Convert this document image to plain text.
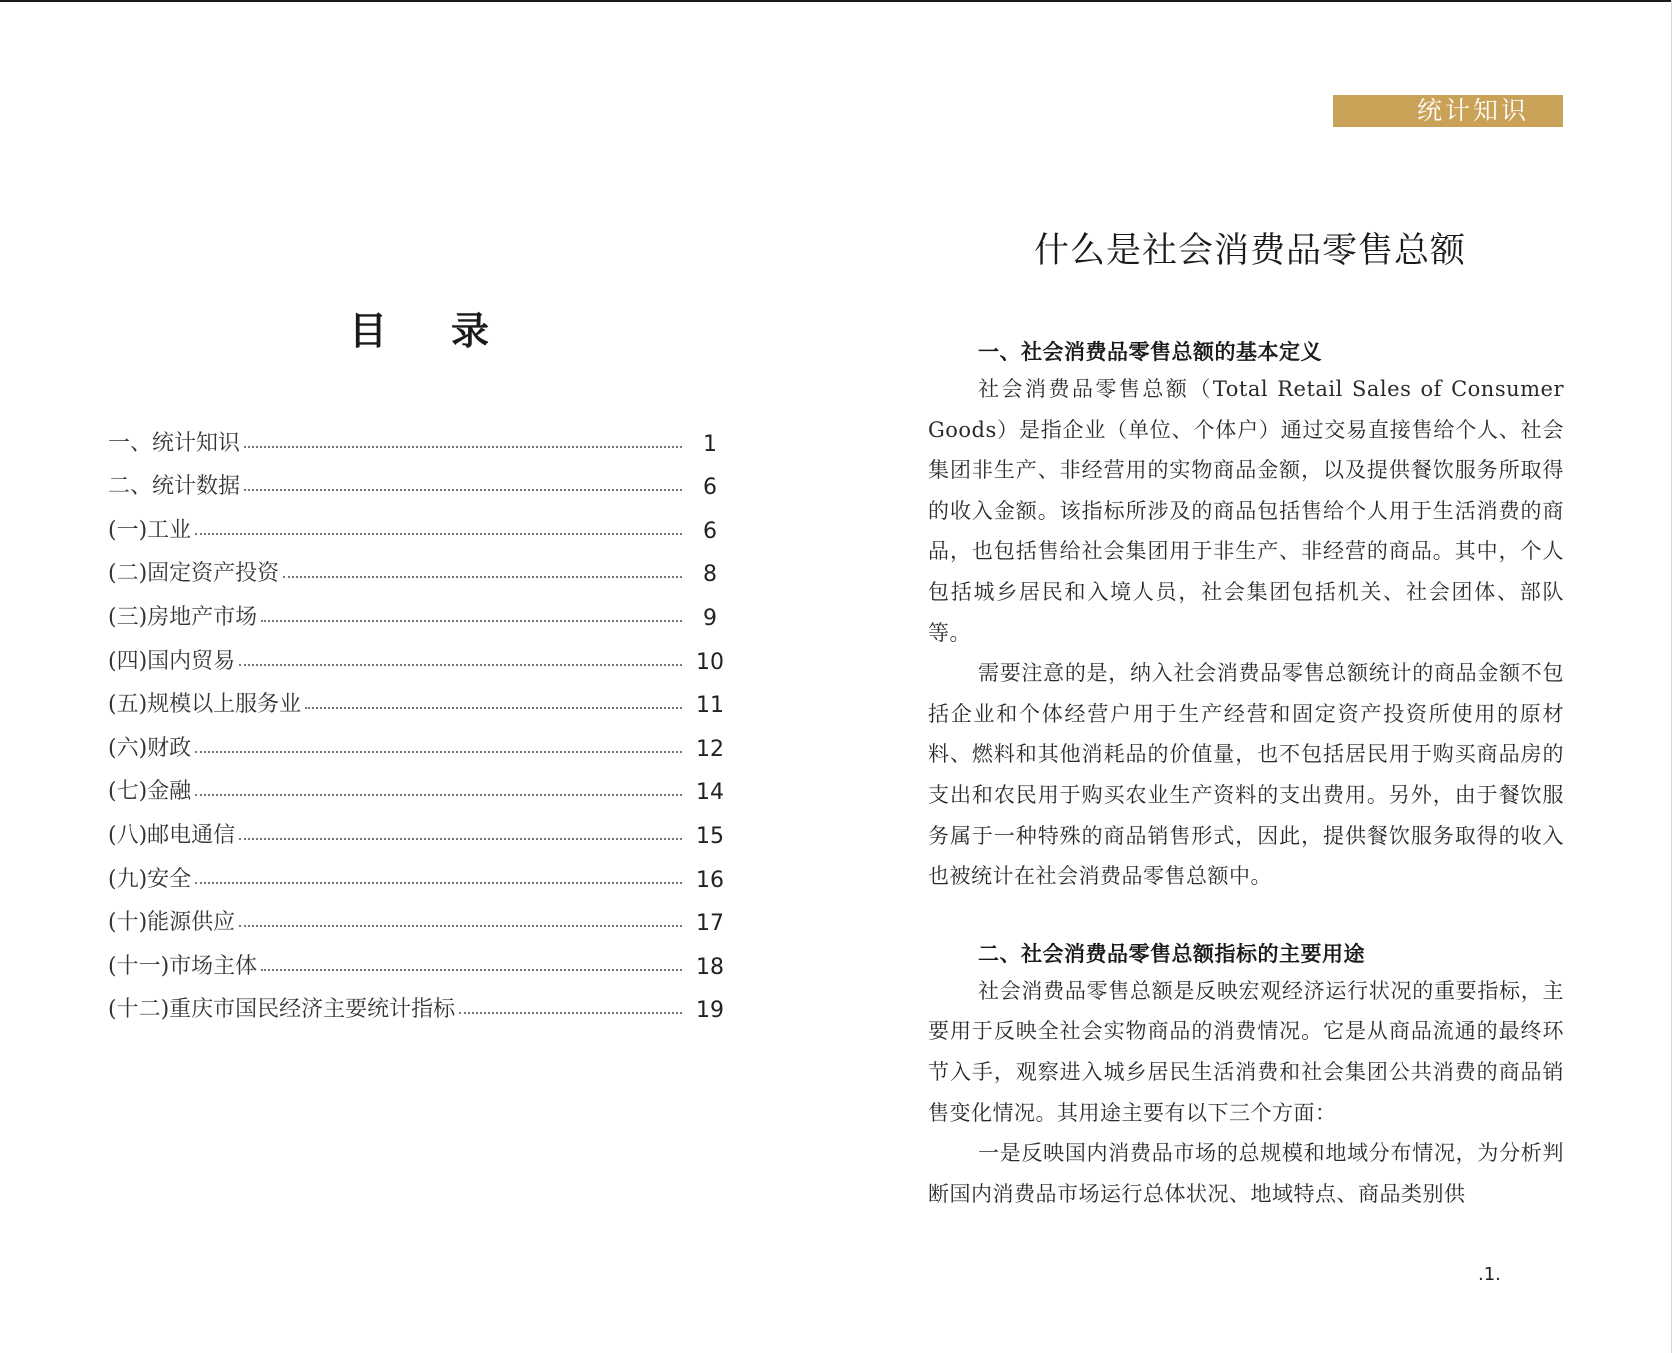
目 录
一、统计知识	1
二、统计数据	6
(一)工业	6
(二)固定资产投资	8
(三)房地产市场	9
(四)国内贸易	10
(五)规模以上服务业	11
(六)财政	12
(七)金融	14
(八)邮电通信	15
(九)安全	16
(十)能源供应	17
(十一)市场主体	18
(十二)重庆市国民经济主要统计指标	19
统计知识
什么是社会消费品零售总额
一、社会消费品零售总额的基本定义

社会消费品零售总额（Total Retail Sales of Consumer Goods）是指企业（单位、个体户）通过交易直接售给个人、社会集团非生产、非经营用的实物商品金额，以及提供餐饮服务所取得的收入金额。该指标所涉及的商品包括售给个人用于生活消费的商品，也包括售给社会集团用于非生产、非经营的商品。其中，个人包括城乡居民和入境人员，社会集团包括机关、社会团体、部队等。

需要注意的是，纳入社会消费品零售总额统计的商品金额不包括企业和个体经营户用于生产经营和固定资产投资所使用的原材料、燃料和其他消耗品的价值量，也不包括居民用于购买商品房的支出和农民用于购买农业生产资料的支出费用。另外，由于餐饮服务属于一种特殊的商品销售形式，因此，提供餐饮服务取得的收入也被统计在社会消费品零售总额中。

二、社会消费品零售总额指标的主要用途

社会消费品零售总额是反映宏观经济运行状况的重要指标，主要用于反映全社会实物商品的消费情况。它是从商品流通的最终环节入手，观察进入城乡居民生活消费和社会集团公共消费的商品销售变化情况。其用途主要有以下三个方面：

一是反映国内消费品市场的总规模和地域分布情况，为分析判断国内消费品市场运行总体状况、地域特点、商品类别供

.1.
